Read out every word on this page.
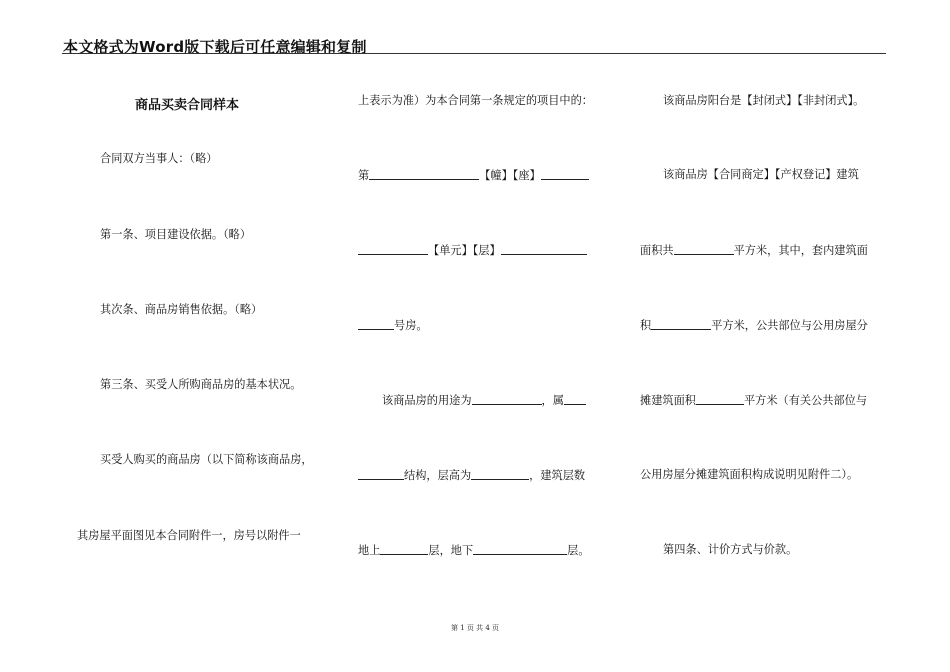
本文格式为Word版下载后可任意编辑和复制
商品买卖合同样本
合同双方当事人：（略）
第一条、项目建设依据。（略）
其次条、商品房销售依据。（略）
第三条、买受人所购商品房的基本状况。
买受人购买的商品房（以下简称该商品房，
其房屋平面图见本合同附件一，房号以附件一
上表示为准）为本合同第一条规定的项目中的：
第	【幢】【座】
【单元】【层】
号房。
该商品房的用途为	，属
结构，层高为	，建筑层数
地上	层，地下	层。
该商品房阳台是【封闭式】【非封闭式】。
该商品房【合同商定】【产权登记】建筑
面积共	平方米，其中，套内建筑面
积	平方米，公共部位与公用房屋分
摊建筑面积	平方米（有关公共部位与
公用房屋分摊建筑面积构成说明见附件二）。
第四条、计价方式与价款。
第 1 页 共 4 页
